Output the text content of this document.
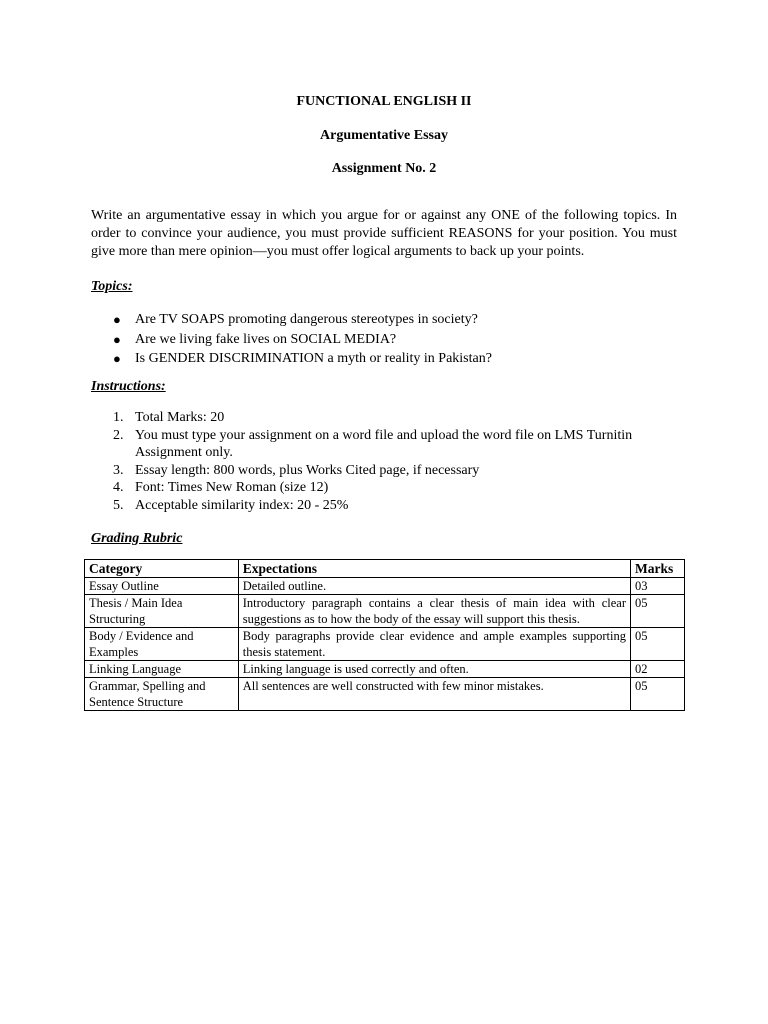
FUNCTIONAL ENGLISH II
Argumentative Essay
Assignment No. 2

Write an argumentative essay in which you argue for or against any ONE of the following topics. In order to convince your audience, you must provide sufficient REASONS for your position. You must give more than mere opinion—you must offer logical arguments to back up your points.

Topics:
● Are TV SOAPS promoting dangerous stereotypes in society?
● Are we living fake lives on SOCIAL MEDIA?
● Is GENDER DISCRIMINATION a myth or reality in Pakistan?
Instructions:
1. Total Marks: 20
2. You must type your assignment on a word file and upload the word file on LMS Turnitin Assignment only.
3. Essay length: 800 words, plus Works Cited page, if necessary
4. Font: Times New Roman (size 12)
5. Acceptable similarity index: 20 - 25%
Grading Rubric
Category	Expectations	Marks
Essay Outline	Detailed outline.	03
Thesis / Main Idea Structuring	Introductory paragraph contains a clear thesis of main idea with clear suggestions as to how the body of the essay will support this thesis.	05
Body / Evidence and Examples	Body paragraphs provide clear evidence and ample examples supporting thesis statement.	05
Linking Language	Linking language is used correctly and often.	02
Grammar, Spelling and Sentence Structure	All sentences are well constructed with few minor mistakes.	05
